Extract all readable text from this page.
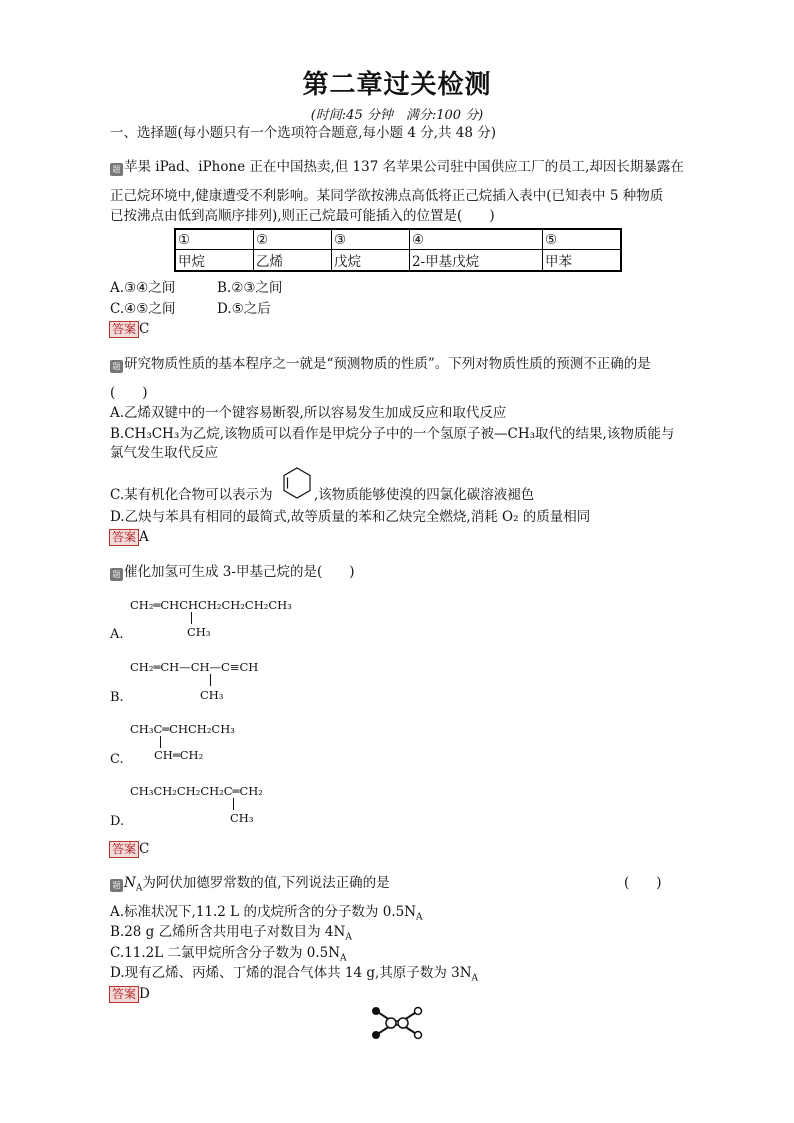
第二章过关检测
(时间:45 分钟　满分:100 分)
一、选择题(每小题只有一个选项符合题意,每小题 4 分,共 48 分)
题 苹果 iPad、iPhone 正在中国热卖,但 137 名苹果公司驻中国供应工厂的员工,却因长期暴露在
正己烷环境中,健康遭受不利影响。某同学欲按沸点高低将正己烷插入表中(已知表中 5 种物质
已按沸点由低到高顺序排列),则正己烷最可能插入的位置是(　　)
①	②	③	④	⑤
甲烷	乙烯	戊烷	2-甲基戊烷	甲苯
A.③④之间	B.②③之间
C.④⑤之间	D.⑤之后
答案 C
题 研究物质性质的基本程序之一就是“预测物质的性质”。下列对物质性质的预测不正确的是
(　　)
A.乙烯双键中的一个键容易断裂,所以容易发生加成反应和取代反应
B.CH₃CH₃为乙烷,该物质可以看作是甲烷分子中的一个氢原子被—CH₃取代的结果,该物质能与
氯气发生取代反应
C.某有机化合物可以表示为	,该物质能够使溴的四氯化碳溶液褪色
D.乙炔与苯具有相同的最简式,故等质量的苯和乙炔完全燃烧,消耗 O₂ 的质量相同
答案 A
题 催化加氢可生成 3-甲基己烷的是(　　)
CH₂═CHCHCH₂CH₂CH₂CH₃
CH₃
A.
CH₂═CH—CH—C≡CH
CH₃
B.
CH₃C═CHCH₂CH₃
CH═CH₂
C.
CH₃CH₂CH₂CH₂C═CH₂
CH₃
D.
答案 C
题 $N_A$为阿伏加德罗常数的值,下列说法正确的是	(　　)
A.标准状况下,11.2 L 的戊烷所含的分子数为 $0.5N_A$
B.28 g 乙烯所含共用电子对数目为 $4N_A$
C.11.2L 二氯甲烷所含分子数为 $0.5N_A$
D.现有乙烯、丙烯、丁烯的混合气体共 14 g,其原子数为 $3N_A$
答案 D
